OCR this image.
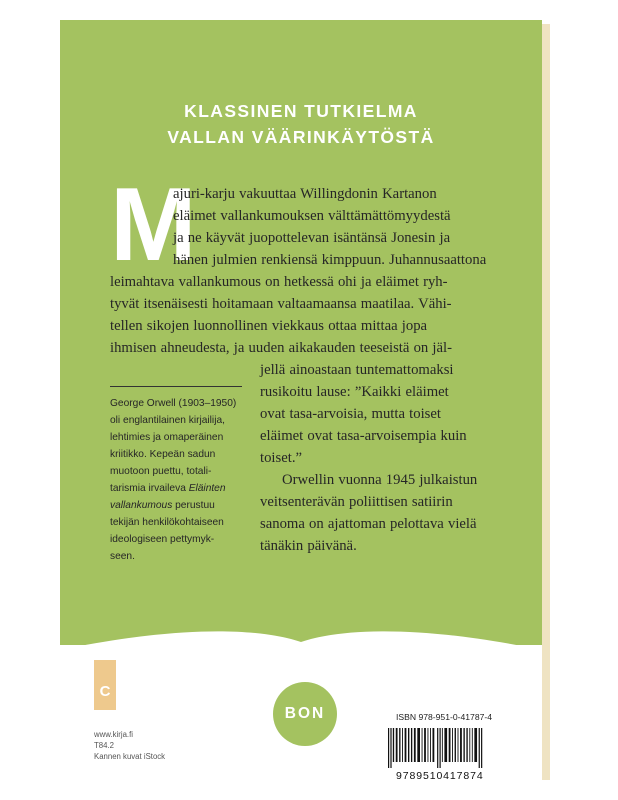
KLASSINEN TUTKIELMA
VALLAN VÄÄRINKÄYTÖSTÄ
M
ajuri-karju vakuuttaa Willingdonin Kartanon
eläimet vallankumouksen välttämättömyydestä
ja ne käyvät juopottelevan isäntänsä Jonesin ja
hänen julmien renkiensä kimppuun. Juhannusaattona
leimahtava vallankumous on hetkessä ohi ja eläimet ryh-
tyvät itsenäisesti hoitamaan valtaamaansa maatilaa. Vähi-
tellen sikojen luonnollinen viekkaus ottaa mittaa jopa
ihmisen ahneudesta, ja uuden aikakauden teeseistä on jäl-
jellä ainoastaan tuntemattomaksi
rusikoitu lause: ”Kaikki eläimet
ovat tasa-arvoisia, mutta toiset
eläimet ovat tasa-arvoisempia kuin
toiset.”
Orwellin vuonna 1945 julkaistun
veitsenterävän poliittisen satiirin
sanoma on ajattoman pelottava vielä
tänäkin päivänä.
George Orwell (1903–1950)
oli englantilainen kirjailija,
lehtimies ja omaperäinen
kriitikko. Kepeän sadun
muotoon puettu, totali-
tarismia irvaileva Eläinten
vallankumous perustuu
tekijän henkilökohtaiseen
ideologiseen pettymyk-
seen.
C
BON
www.kirja.fi
T84.2
Kannen kuvat iStock
ISBN 978-951-0-41787-4
9789510417874
